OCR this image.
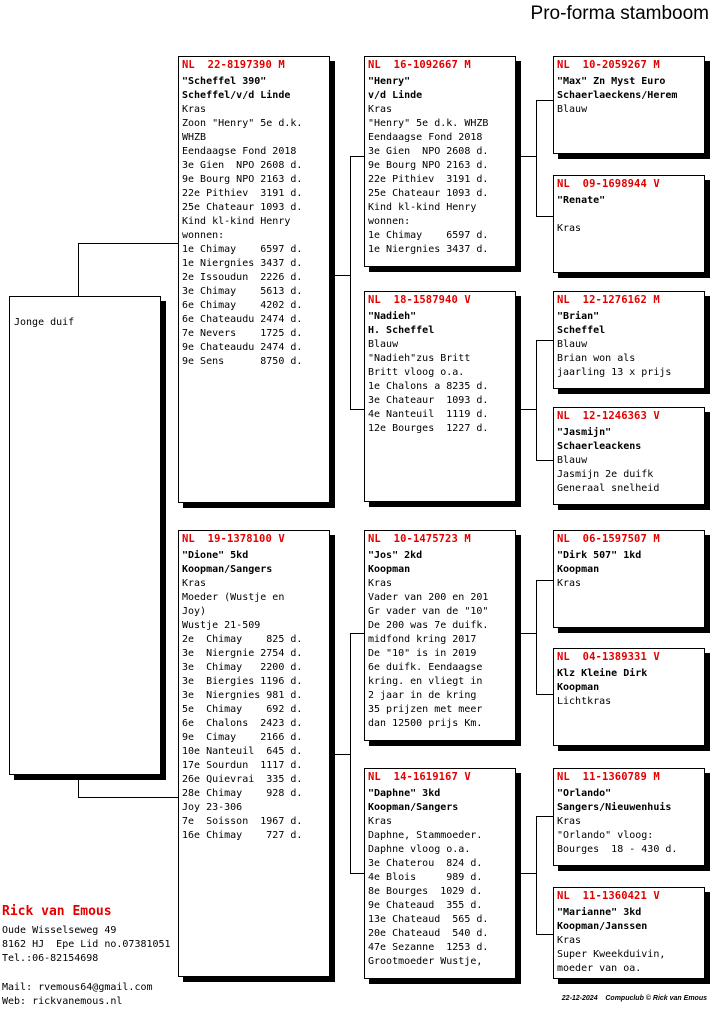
Pro-forma stamboom
Jonge duif
NL  22-8197390 M
"Scheffel 390"
Scheffel/v/d Linde
Kras
Zoon "Henry" 5e d.k.
WHZB
Eendaagse Fond 2018
3e Gien  NPO 2608 d.
9e Bourg NPO 2163 d.
22e Pithiev  3191 d.
25e Chateaur 1093 d.
Kind kl-kind Henry
wonnen:
1e Chimay    6597 d.
1e Niergnies 3437 d.
2e Issoudun  2226 d.
3e Chimay    5613 d.
6e Chimay    4202 d.
6e Chateaudu 2474 d.
7e Nevers    1725 d.
9e Chateaudu 2474 d.
9e Sens      8750 d.
NL  19-1378100 V
"Dione" 5kd
Koopman/Sangers
Kras
Moeder (Wustje en
Joy)
Wustje 21-509
2e  Chimay    825 d.
3e  Niergnie 2754 d.
3e  Chimay   2200 d.
3e  Biergies 1196 d.
3e  Niergnies 981 d.
5e  Chimay    692 d.
6e  Chalons  2423 d.
9e  Cimay    2166 d.
10e Nanteuil  645 d.
17e Sourdun  1117 d.
26e Quievrai  335 d.
28e Chimay    928 d.
Joy 23-306
7e  Soisson  1967 d.
16e Chimay    727 d.
NL  16-1092667 M
"Henry"
v/d Linde
Kras
"Henry" 5e d.k. WHZB
Eendaagse Fond 2018
3e Gien  NPO 2608 d.
9e Bourg NPO 2163 d.
22e Pithiev  3191 d.
25e Chateaur 1093 d.
Kind kl-kind Henry
wonnen:
1e Chimay    6597 d.
1e Niergnies 3437 d.
NL  18-1587940 V
"Nadieh"
H. Scheffel
Blauw
"Nadieh"zus Britt
Britt vloog o.a.
1e Chalons a 8235 d.
3e Chateaur  1093 d.
4e Nanteuil  1119 d.
12e Bourges  1227 d.
NL  10-1475723 M
"Jos" 2kd
Koopman
Kras
Vader van 200 en 201
Gr vader van de "10"
De 200 was 7e duifk.
midfond kring 2017
De "10" is in 2019
6e duifk. Eendaagse
kring. en vliegt in
2 jaar in de kring
35 prijzen met meer
dan 12500 prijs Km.
NL  14-1619167 V
"Daphne" 3kd
Koopman/Sangers
Kras
Daphne, Stammoeder.
Daphne vloog o.a.
3e Chaterou  824 d.
4e Blois     989 d.
8e Bourges  1029 d.
9e Chateaud  355 d.
13e Chateaud  565 d.
20e Chateaud  540 d.
47e Sezanne  1253 d.
Grootmoeder Wustje,
NL  10-2059267 M
"Max" Zn Myst Euro
Schaerlaeckens/Herem
Blauw
NL  09-1698944 V
"Renate"

Kras
NL  12-1276162 M
"Brian"
Scheffel
Blauw
Brian won als
jaarling 13 x prijs
NL  12-1246363 V
"Jasmijn"
Schaerleackens
Blauw
Jasmijn 2e duifk
Generaal snelheid
NL  06-1597507 M
"Dirk 507" 1kd
Koopman
Kras
NL  04-1389331 V
Klz Kleine Dirk
Koopman
Lichtkras
NL  11-1360789 M
"Orlando"
Sangers/Nieuwenhuis
Kras
"Orlando" vloog:
Bourges  18 - 430 d.
NL  11-1360421 V
"Marianne" 3kd
Koopman/Janssen
Kras
Super Kweekduivin,
moeder van oa.
Rick van Emous
Oude Wisselseweg 49
8162 HJ  Epe Lid no.07381051
Tel.:06-82154698
Mail: rvemous64@gmail.com
Web: rickvanemous.nl	22-12-2024    Compuclub © Rick van Emous
